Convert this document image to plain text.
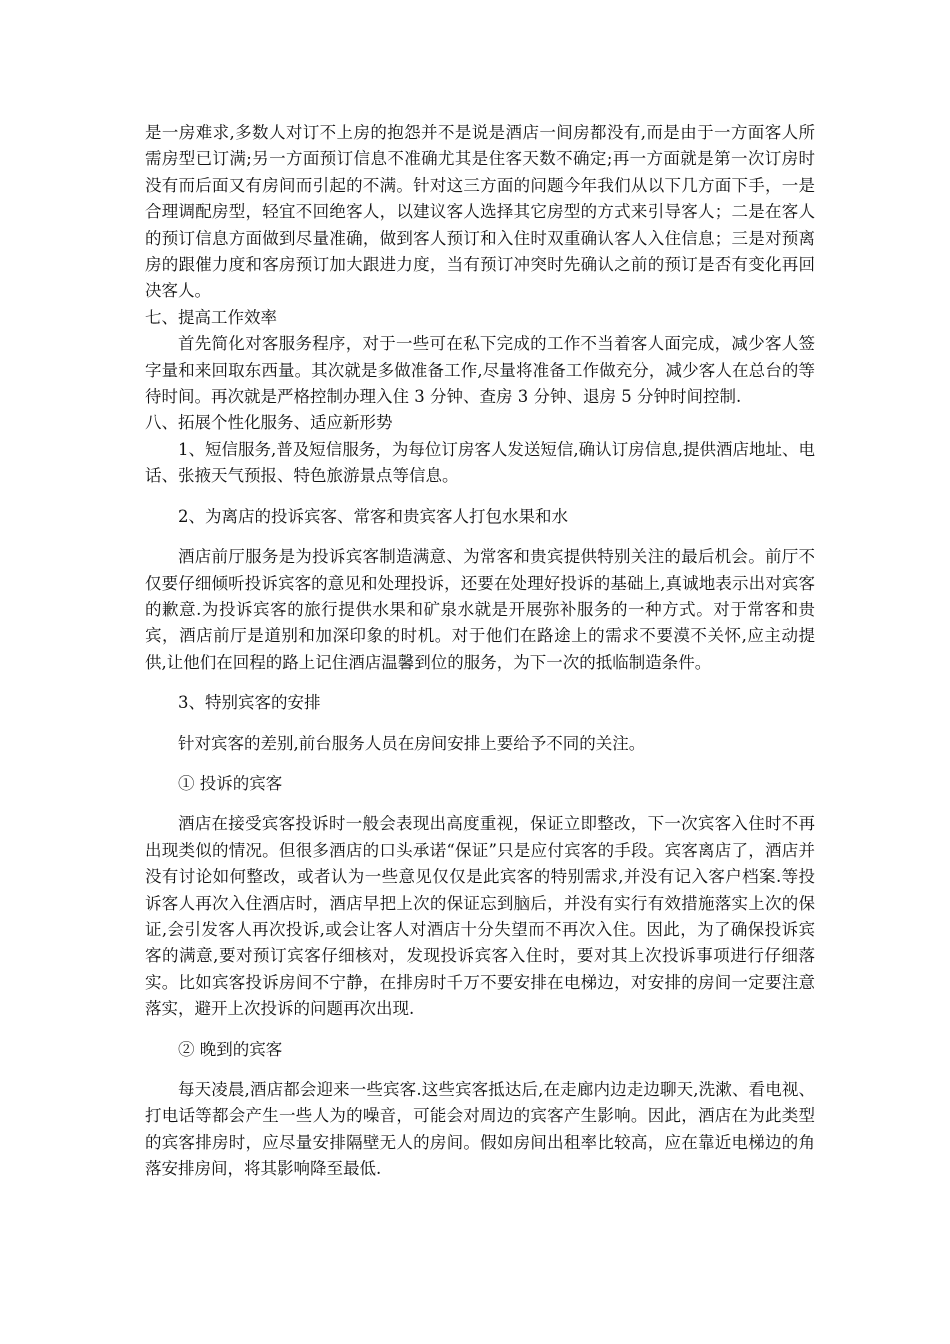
是一房难求,多数人对订不上房的抱怨并不是说是酒店一间房都没有,而是由于一方面客人所需房型已订满;另一方面预订信息不准确尤其是住客天数不确定;再一方面就是第一次订房时没有而后面又有房间而引起的不满。针对这三方面的问题今年我们从以下几方面下手，一是合理调配房型，轻宜不回绝客人，以建议客人选择其它房型的方式来引导客人；二是在客人的预订信息方面做到尽量准确，做到客人预订和入住时双重确认客人入住信息；三是对预离房的跟催力度和客房预订加大跟进力度，当有预订冲突时先确认之前的预订是否有变化再回决客人。

七、提高工作效率

首先简化对客服务程序，对于一些可在私下完成的工作不当着客人面完成，减少客人签字量和来回取东西量。其次就是多做准备工作,尽量将准备工作做充分，减少客人在总台的等待时间。再次就是严格控制办理入住 3 分钟、查房 3 分钟、退房 5 分钟时间控制.

八、拓展个性化服务、适应新形势

1、短信服务,普及短信服务，为每位订房客人发送短信,确认订房信息,提供酒店地址、电话、张掖天气预报、特色旅游景点等信息。

2、为离店的投诉宾客、常客和贵宾客人打包水果和水

酒店前厅服务是为投诉宾客制造满意、为常客和贵宾提供特别关注的最后机会。前厅不仅要仔细倾听投诉宾客的意见和处理投诉，还要在处理好投诉的基础上,真诚地表示出对宾客的歉意.为投诉宾客的旅行提供水果和矿泉水就是开展弥补服务的一种方式。对于常客和贵宾，酒店前厅是道别和加深印象的时机。对于他们在路途上的需求不要漠不关怀,应主动提供,让他们在回程的路上记住酒店温馨到位的服务，为下一次的抵临制造条件。

3、特别宾客的安排

针对宾客的差别,前台服务人员在房间安排上要给予不同的关注。

① 投诉的宾客

酒店在接受宾客投诉时一般会表现出高度重视，保证立即整改，下一次宾客入住时不再出现类似的情况。但很多酒店的口头承诺“保证”只是应付宾客的手段。宾客离店了，酒店并没有讨论如何整改，或者认为一些意见仅仅是此宾客的特别需求,并没有记入客户档案.等投诉客人再次入住酒店时，酒店早把上次的保证忘到脑后，并没有实行有效措施落实上次的保证,会引发客人再次投诉,或会让客人对酒店十分失望而不再次入住。因此，为了确保投诉宾客的满意,要对预订宾客仔细核对，发现投诉宾客入住时，要对其上次投诉事项进行仔细落实。比如宾客投诉房间不宁静，在排房时千万不要安排在电梯边，对安排的房间一定要注意落实，避开上次投诉的问题再次出现.

② 晚到的宾客

每天凌晨,酒店都会迎来一些宾客.这些宾客抵达后,在走廊内边走边聊天,洗漱、看电视、打电话等都会产生一些人为的噪音，可能会对周边的宾客产生影响。因此，酒店在为此类型的宾客排房时，应尽量安排隔壁无人的房间。假如房间出租率比较高，应在靠近电梯边的角落安排房间，将其影响降至最低.
